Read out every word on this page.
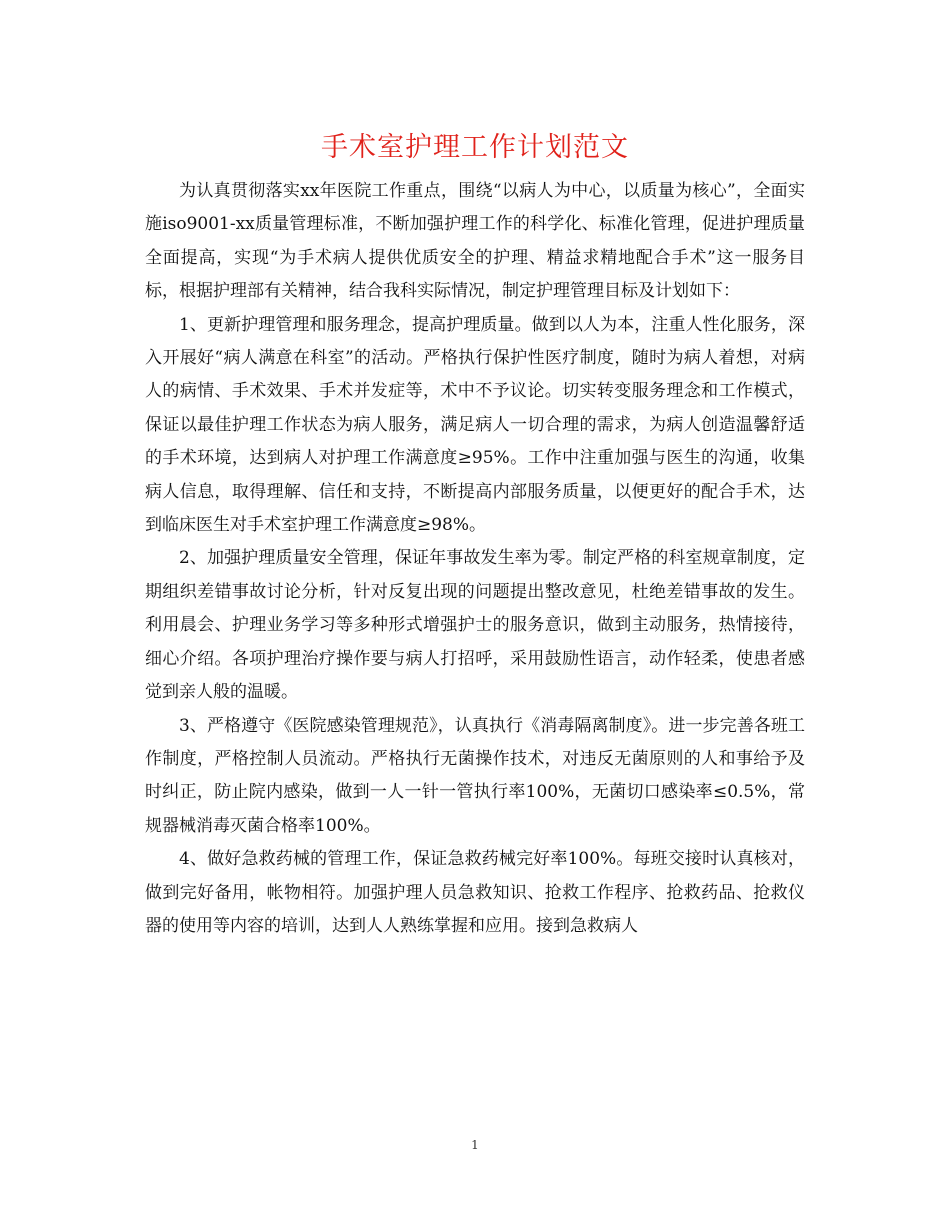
手术室护理工作计划范文

为认真贯彻落实xx年医院工作重点，围绕“以病人为中心，以质量为核心”，全面实施iso9001-xx质量管理标准，不断加强护理工作的科学化、标准化管理，促进护理质量全面提高，实现“为手术病人提供优质安全的护理、精益求精地配合手术”这一服务目标，根据护理部有关精神，结合我科实际情况，制定护理管理目标及计划如下：

1、更新护理管理和服务理念，提高护理质量。做到以人为本，注重人性化服务，深入开展好“病人满意在科室”的活动。严格执行保护性医疗制度，随时为病人着想，对病人的病情、手术效果、手术并发症等，术中不予议论。切实转变服务理念和工作模式，保证以最佳护理工作状态为病人服务，满足病人一切合理的需求，为病人创造温馨舒适的手术环境，达到病人对护理工作满意度≥95%。工作中注重加强与医生的沟通，收集病人信息，取得理解、信任和支持，不断提高内部服务质量，以便更好的配合手术，达到临床医生对手术室护理工作满意度≥98%。

2、加强护理质量安全管理，保证年事故发生率为零。制定严格的科室规章制度，定期组织差错事故讨论分析，针对反复出现的问题提出整改意见，杜绝差错事故的发生。利用晨会、护理业务学习等多种形式增强护士的服务意识，做到主动服务，热情接待，细心介绍。各项护理治疗操作要与病人打招呼，采用鼓励性语言，动作轻柔，使患者感觉到亲人般的温暖。

3、严格遵守《医院感染管理规范》，认真执行《消毒隔离制度》。进一步完善各班工作制度，严格控制人员流动。严格执行无菌操作技术，对违反无菌原则的人和事给予及时纠正，防止院内感染，做到一人一针一管执行率100%，无菌切口感染率≤0.5%，常规器械消毒灭菌合格率100%。

4、做好急救药械的管理工作，保证急救药械完好率100%。每班交接时认真核对，做到完好备用，帐物相符。加强护理人员急救知识、抢救工作程序、抢救药品、抢救仪器的使用等内容的培训，达到人人熟练掌握和应用。接到急救病人

1
